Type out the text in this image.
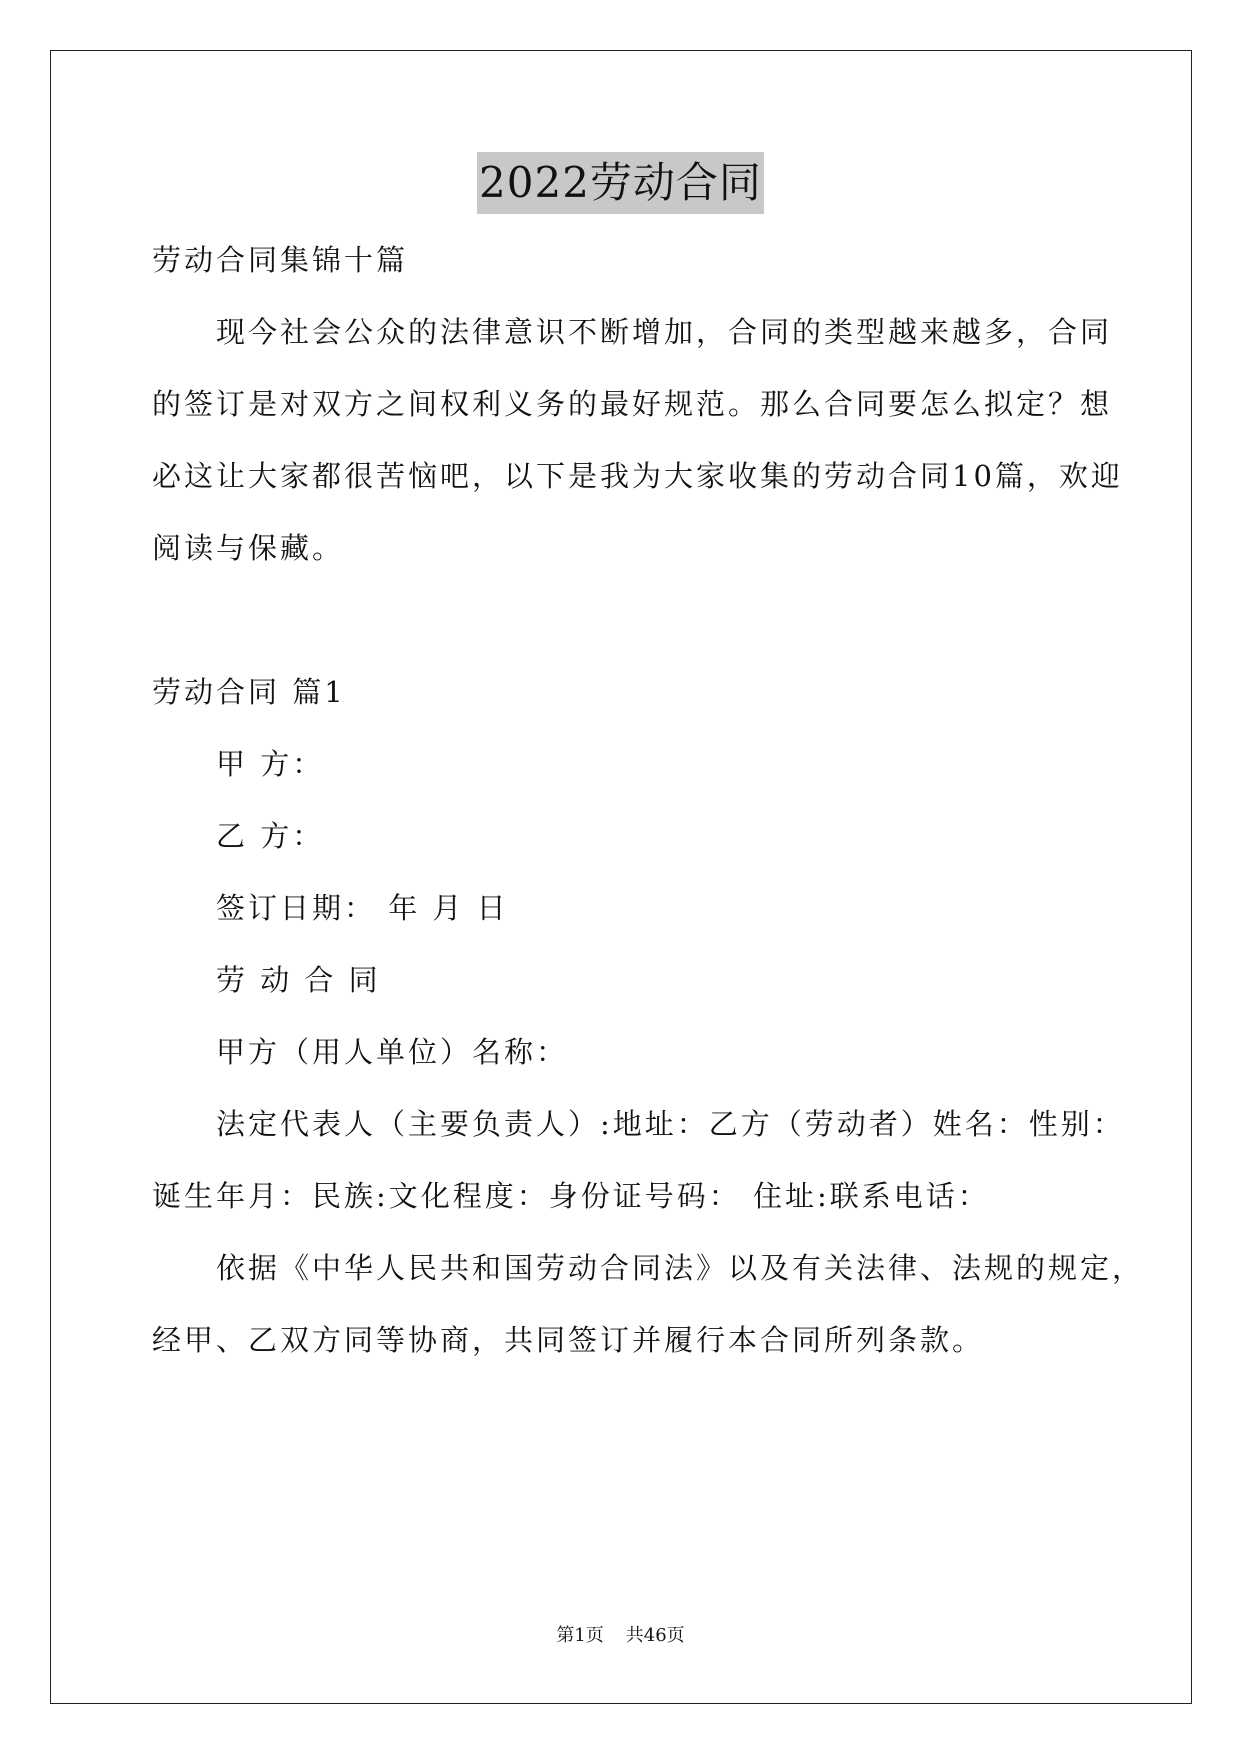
2022劳动合同
劳动合同集锦十篇
现今社会公众的法律意识不断增加，合同的类型越来越多，合同
的签订是对双方之间权利义务的最好规范。那么合同要怎么拟定？想
必这让大家都很苦恼吧，以下是我为大家收集的劳动合同10篇，欢迎
阅读与保藏。
劳动合同 篇1
甲 方：
乙 方：
签订日期： 年 月 日
劳 动 合 同
甲方（用人单位）名称：
法定代表人（主要负责人）:地址：乙方（劳动者）姓名：性别：
诞生年月：民族:文化程度：身份证号码： 住址:联系电话：
依据《中华人民共和国劳动合同法》以及有关法律、法规的规定，
经甲、乙双方同等协商，共同签订并履行本合同所列条款。
第1页 共46页
